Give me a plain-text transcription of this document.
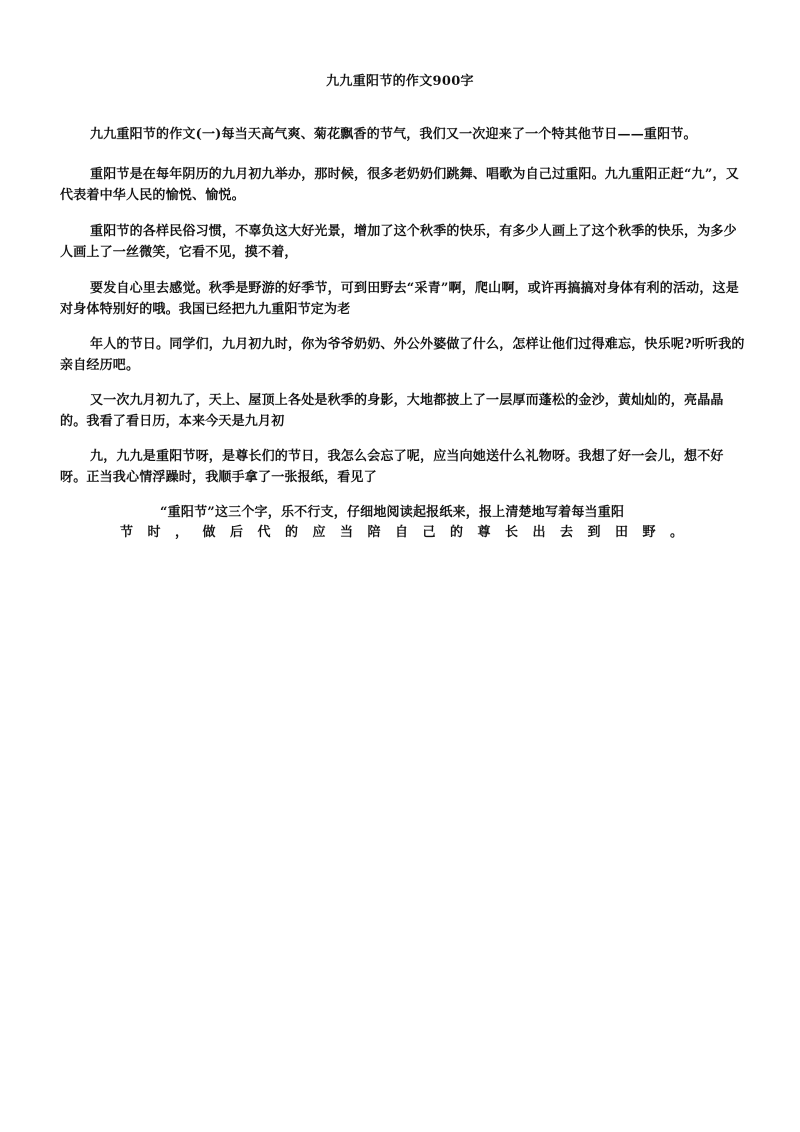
九九重阳节的作文900字

九九重阳节的作文(一)每当天高气爽、菊花飘香的节气，我们又一次迎来了一个特其他节日——重阳节。

重阳节是在每年阴历的九月初九举办，那时候，很多老奶奶们跳舞、唱歌为自己过重阳。九九重阳正赶“九”，又代表着中华人民的愉悦、愉悦。

重阳节的各样民俗习惯，不辜负这大好光景，增加了这个秋季的快乐，有多少人画上了这个秋季的快乐，为多少人画上了一丝微笑，它看不见，摸不着，

要发自心里去感觉。秋季是野游的好季节，可到田野去“采青”啊，爬山啊，或许再搞搞对身体有利的活动，这是对身体特别好的哦。我国已经把九九重阳节定为老

年人的节日。同学们，九月初九时，你为爷爷奶奶、外公外婆做了什么，怎样让他们过得难忘，快乐呢?听听我的亲自经历吧。

又一次九月初九了，天上、屋顶上各处是秋季的身影，大地都披上了一层厚而蓬松的金沙，黄灿灿的，亮晶晶的。我看了看日历，本来今天是九月初

九，九九是重阳节呀，是尊长们的节日，我怎么会忘了呢，应当向她送什么礼物呀。我想了好一会儿，想不好呀。正当我心情浮躁时，我顺手拿了一张报纸，看见了

“重阳节”这三个字，乐不行支，仔细地阅读起报纸来，报上清楚地写着每当重阳

节时，做后代的应当陪自己的尊长出去到田野。
